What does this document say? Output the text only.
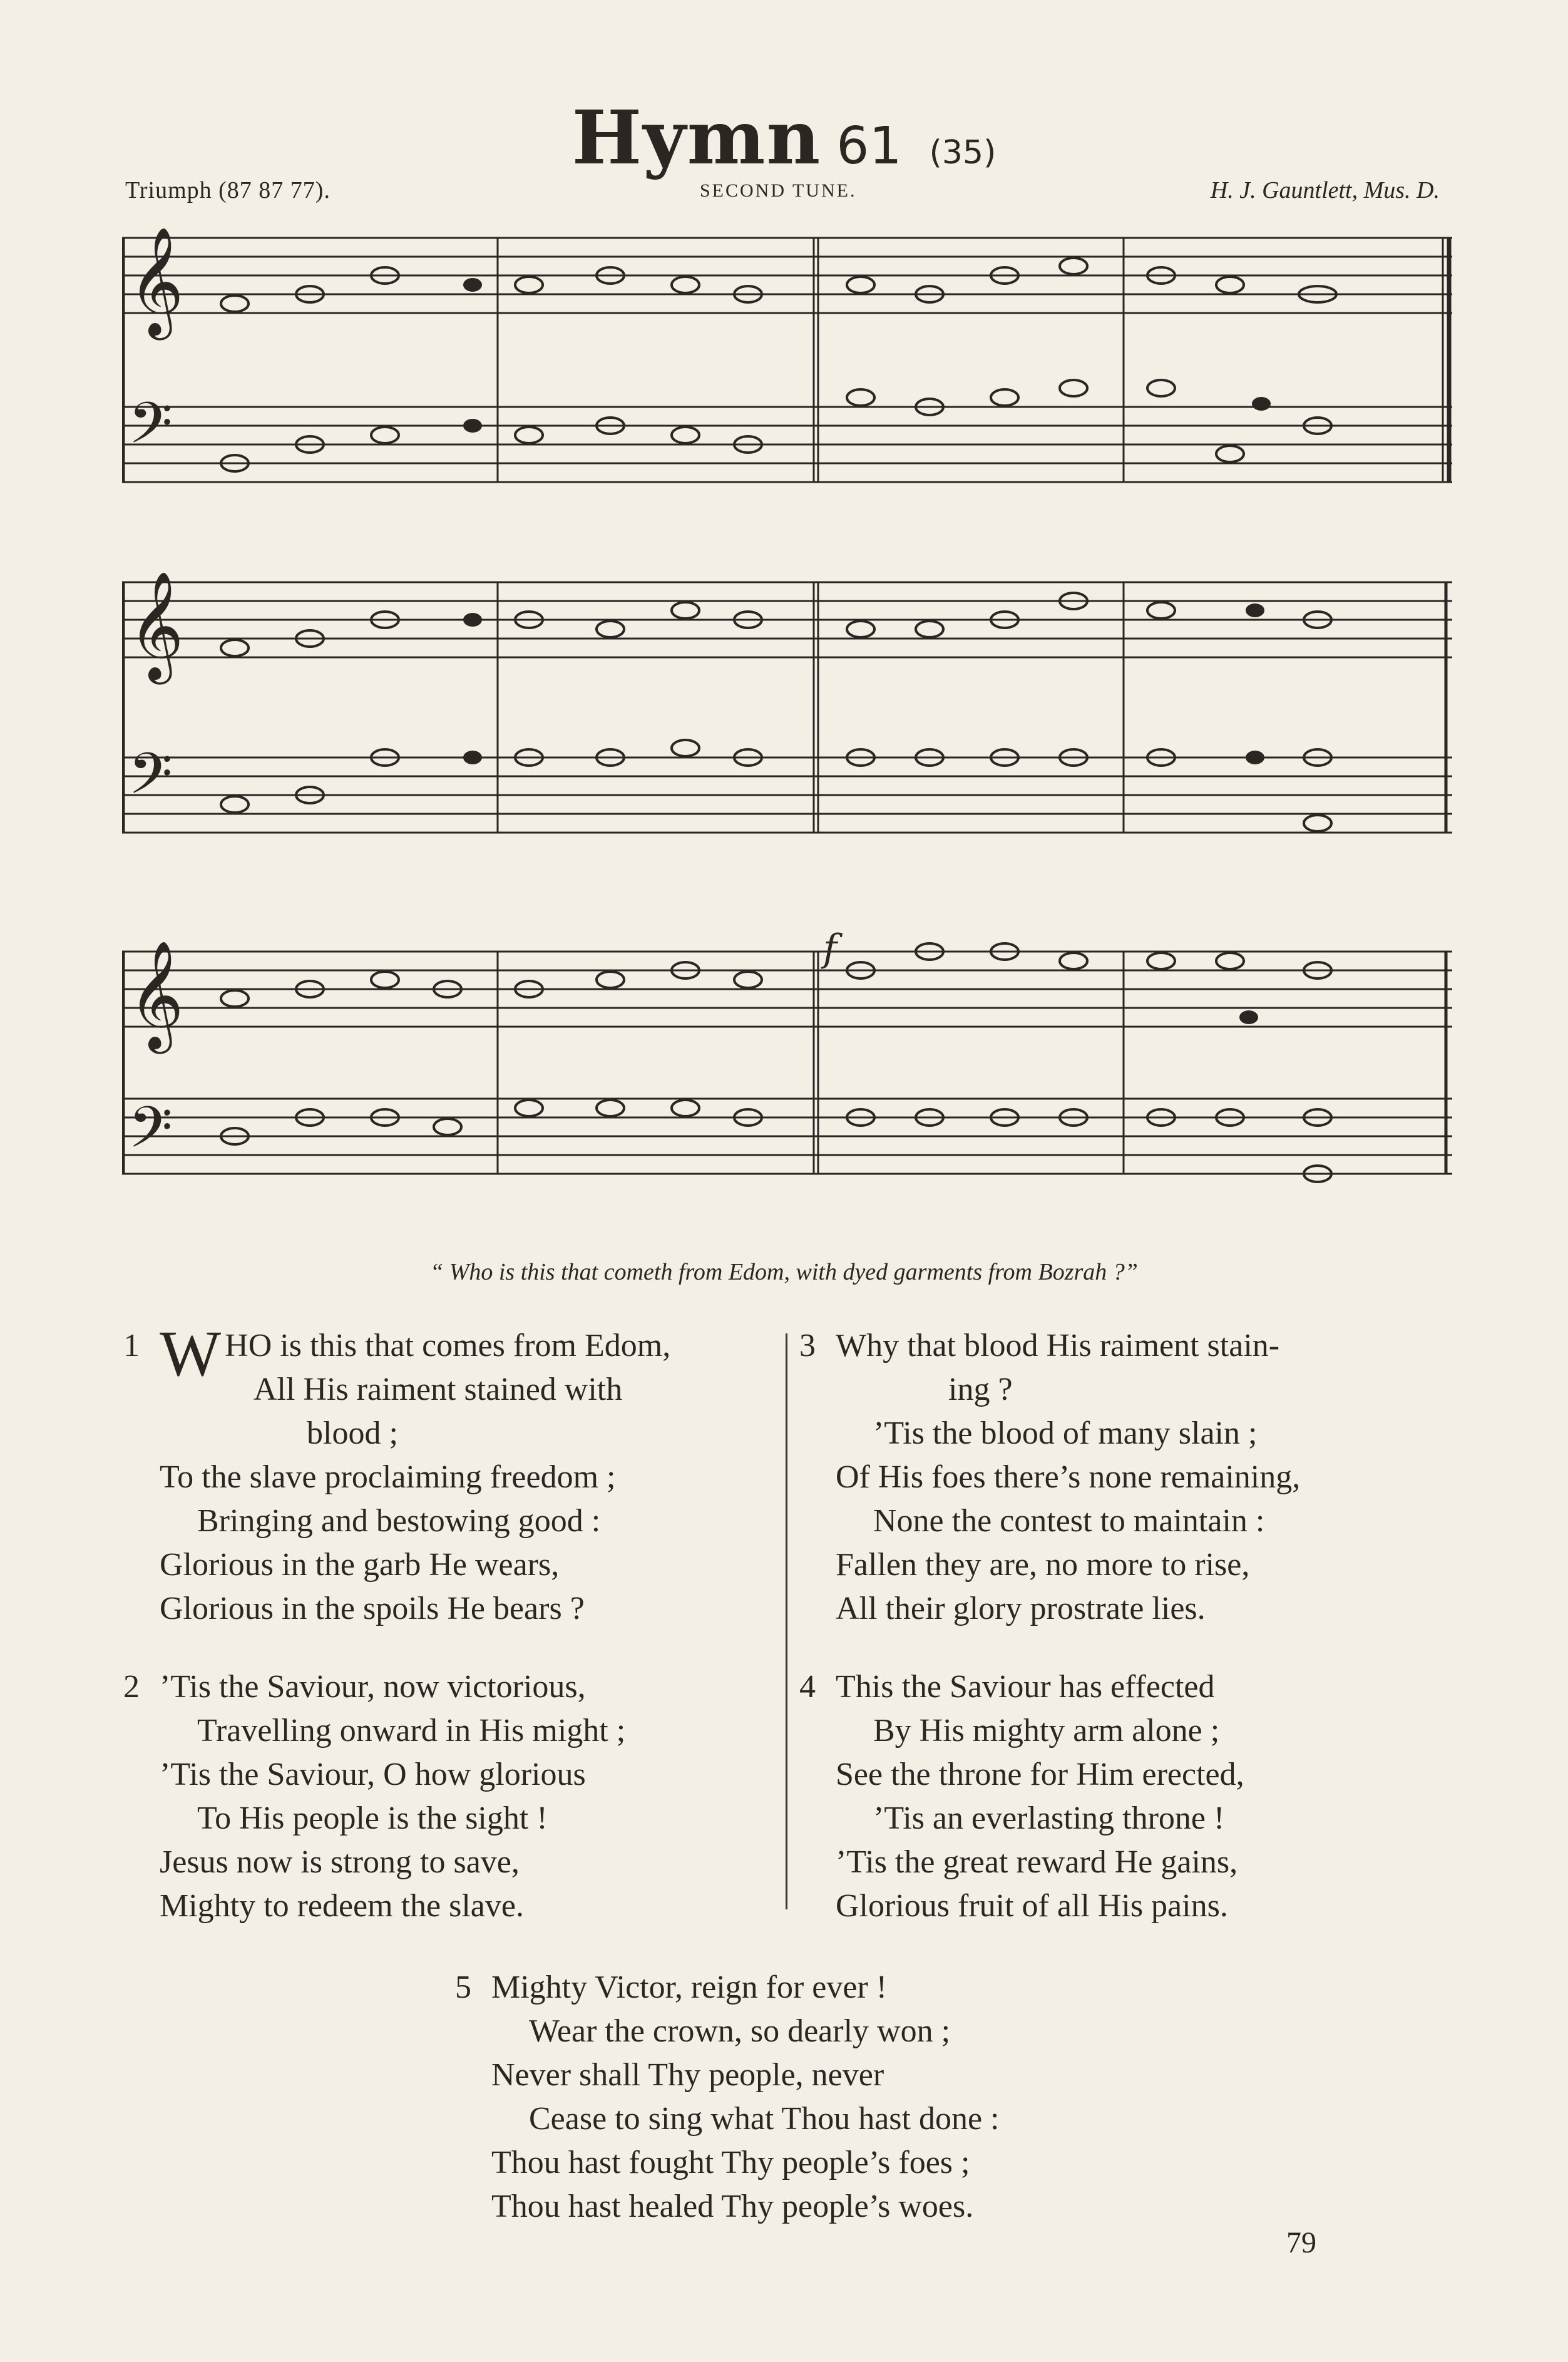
Hymn 61 (35)
Triumph (87 87 77).	SECOND TUNE.	H. J. Gauntlett, Mus. D.
𝄞
𝄢
𝄞
𝄢
𝄞
𝄢
f
“ Who is this that cometh from Edom, with dyed garments from Bozrah ?”
1 WHO is this that comes from Edom,
All His raiment stained with
blood ;
To the slave proclaiming freedom ;
Bringing and bestowing good :
Glorious in the garb He wears,
Glorious in the spoils He bears ?
2 ’Tis the Saviour, now victorious,
Travelling onward in His might ;
’Tis the Saviour, O how glorious
To His people is the sight !
Jesus now is strong to save,
Mighty to redeem the slave.
3 Why that blood His raiment stain-
ing ?
’Tis the blood of many slain ;
Of His foes there’s none remaining,
None the contest to maintain :
Fallen they are, no more to rise,
All their glory prostrate lies.
4 This the Saviour has effected
By His mighty arm alone ;
See the throne for Him erected,
’Tis an everlasting throne !
’Tis the great reward He gains,
Glorious fruit of all His pains.
5 Mighty Victor, reign for ever !
Wear the crown, so dearly won ;
Never shall Thy people, never
Cease to sing what Thou hast done :
Thou hast fought Thy people’s foes ;
Thou hast healed Thy people’s woes.
79
